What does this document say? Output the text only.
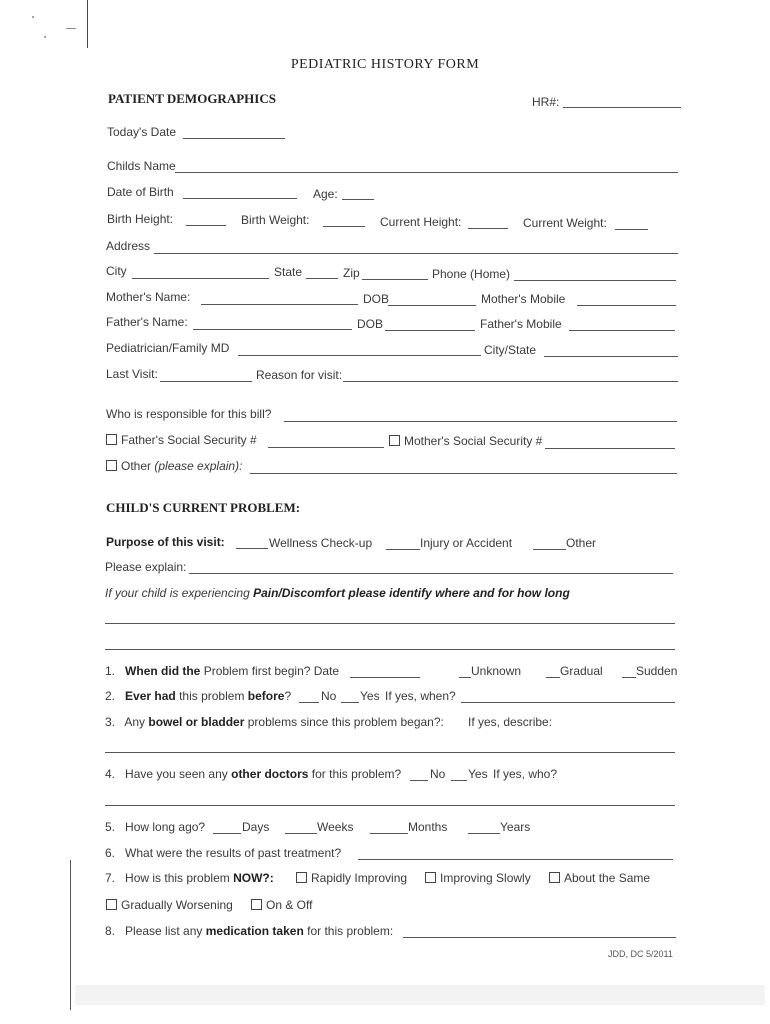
PEDIATRIC HISTORY FORM
PATIENT DEMOGRAPHICS	HR#:
Today's Date
Childs Name
Date of Birth	Age:
Birth Height:	Birth Weight:	Current Height:	Current Weight:
Address
City	State	Zip	Phone (Home)
Mother's Name:	DOB	Mother's Mobile
Father's Name:	DOB	Father's Mobile
Pediatrician/Family MD	City/State
Last Visit:	Reason for visit:
Who is responsible for this bill?
Father's Social Security #	Mother's Social Security #
Other (please explain):
CHILD'S CURRENT PROBLEM:
Purpose of this visit:	Wellness Check-up	Injury or Accident	Other
Please explain:
If your child is experiencing Pain/Discomfort please identify where and for how long
1. When did the Problem first begin? Date	Unknown	Gradual	Sudden
2. Ever had this problem before? No Yes If yes, when?
3. Any bowel or bladder problems since this problem began?: If yes, describe:
4. Have you seen any other doctors for this problem? No Yes If yes, who?
5. How long ago?	Days	Weeks	Months	Years
6. What were the results of past treatment?
7. How is this problem NOW?:	Rapidly Improving	Improving Slowly	About the Same
Gradually Worsening	On & Off
8. Please list any medication taken for this problem:
JDD, DC 5/2011
